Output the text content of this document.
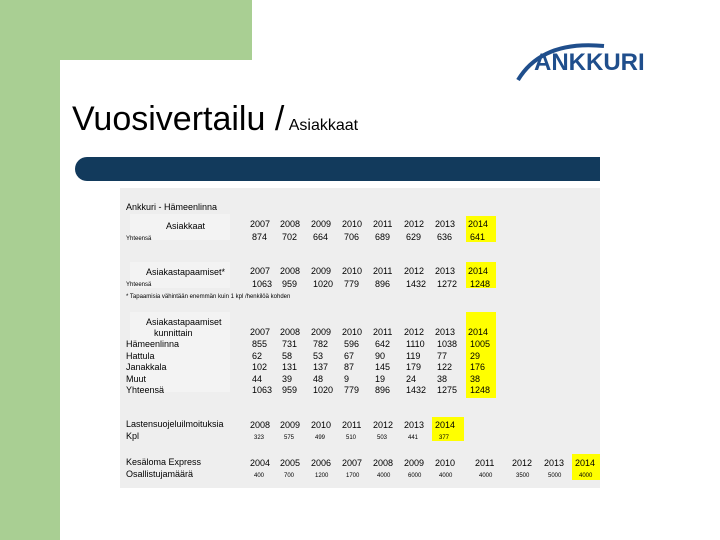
Vuosivertailu / Asiakkaat
ANKKURI
Ankkuri - Hämeenlinna
Asiakkaat
Yhteensä
2007 2008 2009 2010 2011 2012 2013 2014
874 702 664 706 689 629 636 641
Asiakastapaamiset*
Yhteensä
2007 2008 2009 2010 2011 2012 2013 2014
1063 959 1020 779 896 1432 1272 1248
* Tapaamisia vähintään enemmän kuin 1 kpl /henkilöä kohden
Asiakastapaamiset
kunnittain	2007 2008 2009 2010 2011 2012 2013 2014
Hämeenlinna	855 731 782 596 642 1110 1038 1005
Hattula	62 58 53 67 90 119 77	29
Janakkala	102 131 137 87 145 179 122 176
Muut	44 39 48 9	19 24 38	38
Yhteensä	1063 959 1020 779 896 1432 1275 1248
Lastensuojeluilmoituksia
Kpl
2008 2009 2010 2011 2012 2013 2014
323	575	499	510	503	441	377
Kesäloma Express
Osallistujamäärä
2004 2005 2006 2007 2008 2009 2010 2011 2012 2013 2014
400	700	1200	1700	4000	6000	4000	4000	3500	5000	4000
